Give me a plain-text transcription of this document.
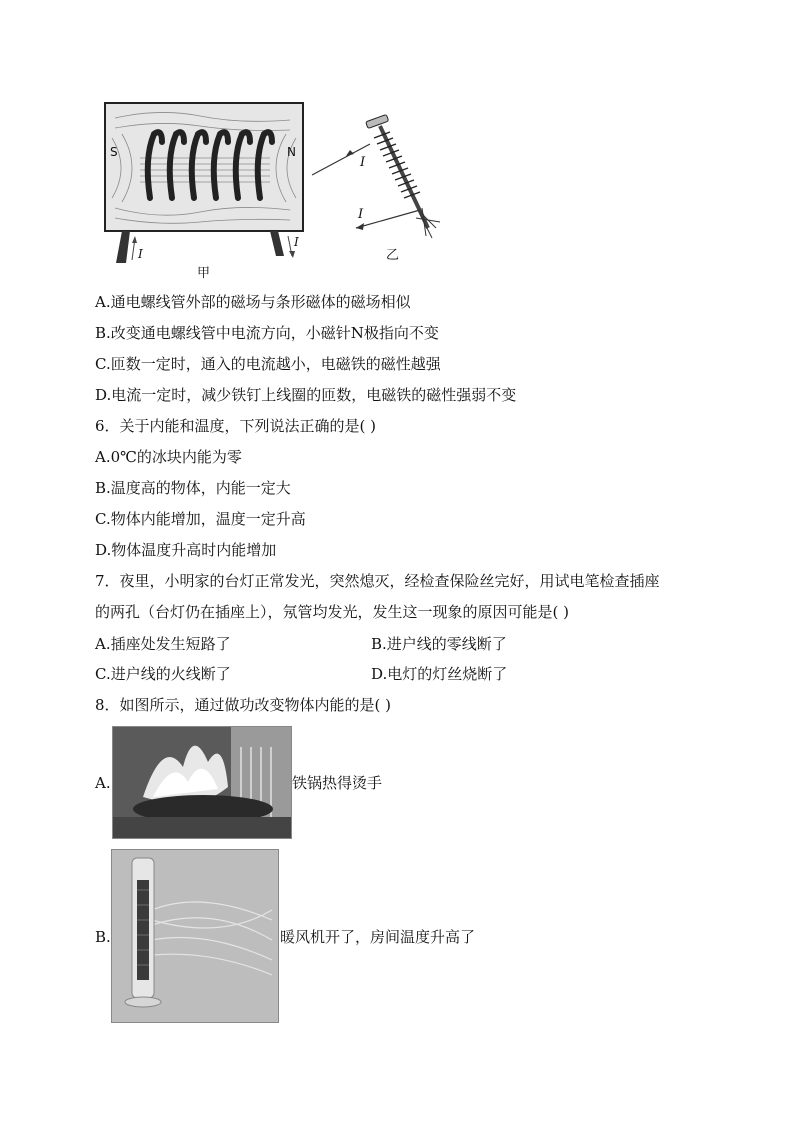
S	N
I
I
甲
I
I
乙
A.通电螺线管外部的磁场与条形磁体的磁场相似
B.改变通电螺线管中电流方向，小磁针N极指向不变
C.匝数一定时，通入的电流越小，电磁铁的磁性越强
D.电流一定时，减少铁钉上线圈的匝数，电磁铁的磁性强弱不变
6．关于内能和温度，下列说法正确的是( )
A.0℃的冰块内能为零
B.温度高的物体，内能一定大
C.物体内能增加，温度一定升高
D.物体温度升高时内能增加
7．夜里，小明家的台灯正常发光，突然熄灭，经检查保险丝完好，用试电笔检查插座
的两孔（台灯仍在插座上），氖管均发光，发生这一现象的原因可能是( )
A.插座处发生短路了	B.进户线的零线断了
C.进户线的火线断了	D.电灯的灯丝烧断了
8．如图所示，通过做功改变物体内能的是( )
A.	铁锅热得烫手
B.	暖风机开了，房间温度升高了
